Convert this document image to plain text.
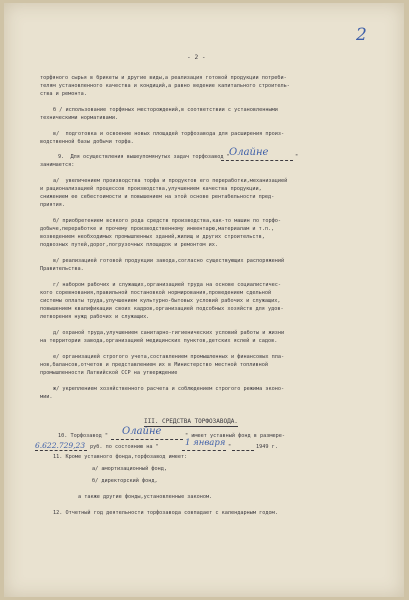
- 2 -
2
торфяного сырья в брикеты и другие виды,а реализация готовой продукции потреби-
телям установленного качества и кондиций,а равно ведение капитального строитель-
ства и ремонта.
б / использование торфяных месторождений,в соответствии с установленными
техническими нормативами.
в/  подготовка и освоение новых площадей торфозавода для расширения произ-
водственной базы добычи торфа.
9.  Для осуществления вышеупомянутых задач торфозавод " Олайне	"
занимается:
а/  увеличением производства торфа и продуктов его переработки,механизацией
и рационализацией процессов производства,улучшением качества продукции,
снижением ее себестоимости и повышением на этой основе рентабельности пред-
приятия.
б/ приобретением всякого рода средств производства,как-то машин по торфо-
добыче,переработке и прочему производственному инвентарю,материалам и т.п.,
возведением необходимых промышленных зданий,жилищ и других строительств,
подвозных путей,дорог,погрузочных площадок и ремонтом их.
в/ реализацией готовой продукции завода,согласно существующих распоряжений
Правительства.
г/ набором рабочих и служащих,организацией труда на основе социалистичес-
кого соревнования,правильной постановкой нормирования,проведением сдельной
системы оплаты труда,улучшением культурно-бытовых условий рабочих и служащих,
повышением квалификации своих кадров,организацией подсобных хозяйств для удов-
летворения нужд рабочих и служащих.
д/ охраной труда,улучшением санитарно-гигиенических условий работы и жизни
на территории завода,организацией медицинских пунктов,детских яслей и садов.
е/ организацией строгого учета,составлением промышленных и финансовых пла-
нов,балансов,отчетов и представлением их в Министерство местной топливной
промышленности Латвийской ССР на утверждение
ж/ укреплением хозяйственного расчета и соблюдением строгого режима эконо-
мии.
III. СРЕДСТВА ТОРФОЗАВОДА.
10. Торфозавод " Олайне	" имеет уставный фонд в размере-
6.622.729,23 руб. по состоянию на "	1 января "	1949 г.
11. Кроме уставного фонда,торфозавод имеет:
а/ амортизационный фонд,
б/ директорский фонд,
а также другие фонды,установленные законом.
12. Отчетный год деятельности торфозавода совпадает с календарным годом.
